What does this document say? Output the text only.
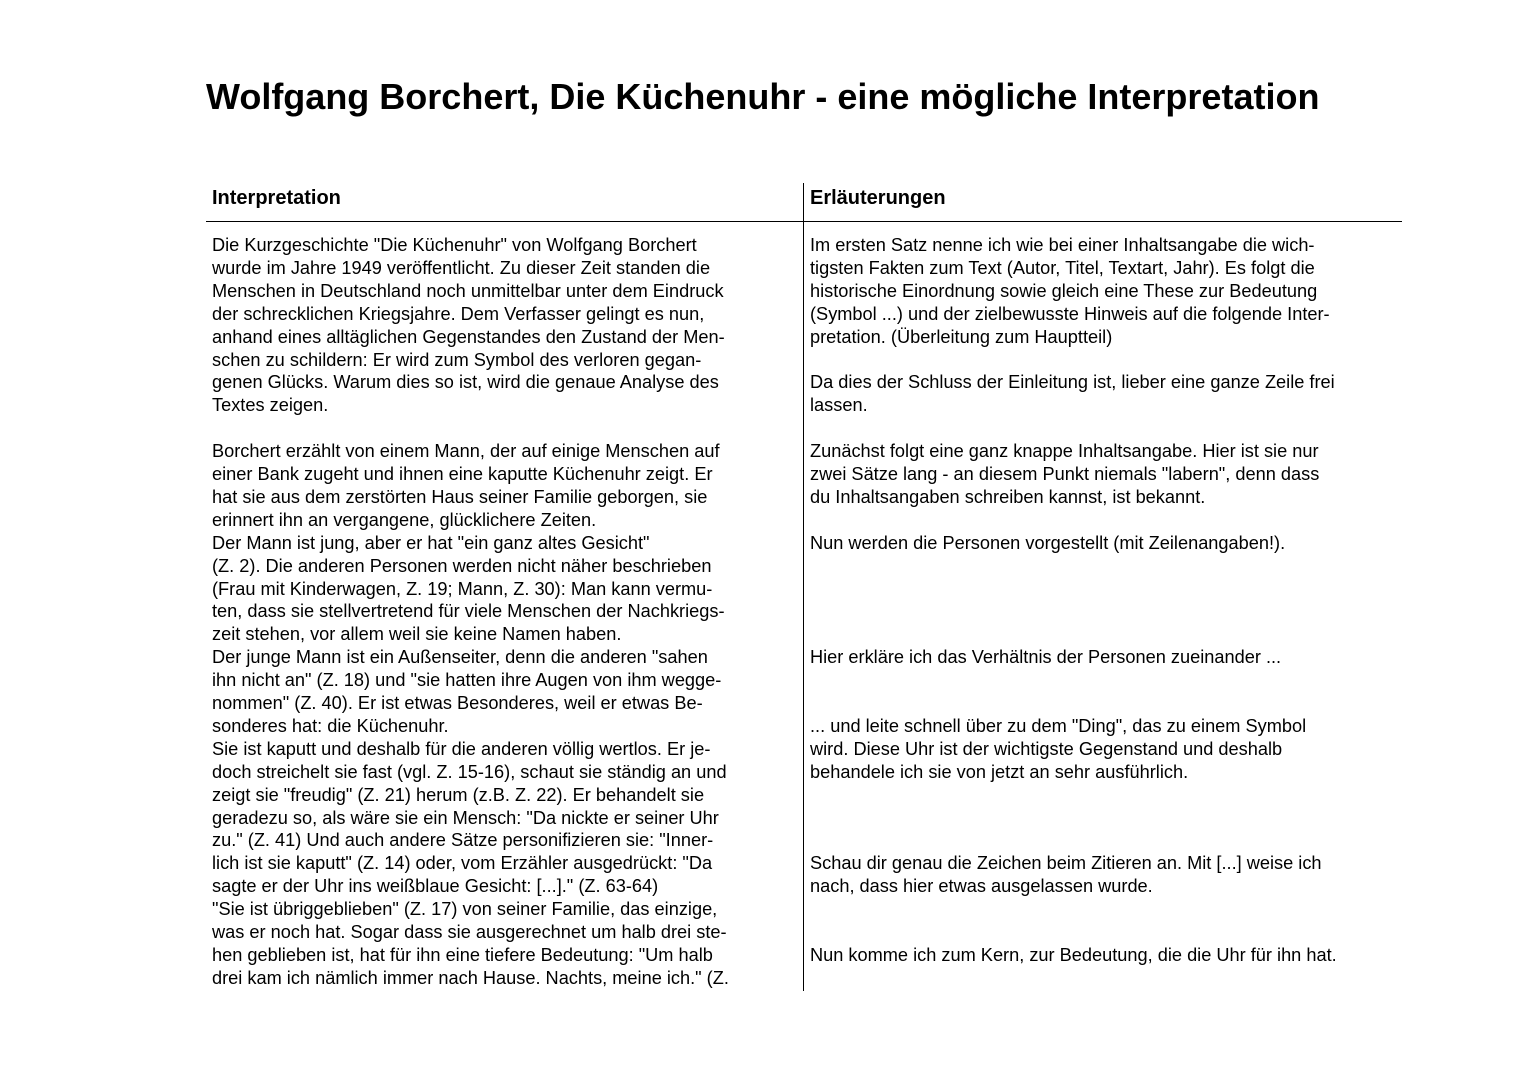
Wolfgang Borchert, Die Küchenuhr - eine mögliche Interpretation
Interpretation	Erläuterungen
Die Kurzgeschichte "Die Küchenuhr" von Wolfgang Borchert
wurde im Jahre 1949 veröffentlicht. Zu dieser Zeit standen die
Menschen in Deutschland noch unmittelbar unter dem Eindruck
der schrecklichen Kriegsjahre. Dem Verfasser gelingt es nun,
anhand eines alltäglichen Gegenstandes den Zustand der Men-
schen zu schildern: Er wird zum Symbol des verloren gegan-
genen Glücks. Warum dies so ist, wird die genaue Analyse des
Textes zeigen.
Borchert erzählt von einem Mann, der auf einige Menschen auf
einer Bank zugeht und ihnen eine kaputte Küchenuhr zeigt. Er
hat sie aus dem zerstörten Haus seiner Familie geborgen, sie
erinnert ihn an vergangene, glücklichere Zeiten.
Der Mann ist jung, aber er hat "ein ganz altes Gesicht"
(Z. 2). Die anderen Personen werden nicht näher beschrieben
(Frau mit Kinderwagen, Z. 19; Mann, Z. 30): Man kann vermu-
ten, dass sie stellvertretend für viele Menschen der Nachkriegs-
zeit stehen, vor allem weil sie keine Namen haben.
Der junge Mann ist ein Außenseiter, denn die anderen "sahen
ihn nicht an" (Z. 18) und "sie hatten ihre Augen von ihm wegge-
nommen" (Z. 40). Er ist etwas Besonderes, weil er etwas Be-
sonderes hat: die Küchenuhr.
Sie ist kaputt und deshalb für die anderen völlig wertlos. Er je-
doch streichelt sie fast (vgl. Z. 15-16), schaut sie ständig an und
zeigt sie "freudig" (Z. 21) herum (z.B. Z. 22). Er behandelt sie
geradezu so, als wäre sie ein Mensch: "Da nickte er seiner Uhr
zu." (Z. 41) Und auch andere Sätze personifizieren sie: "Inner-
lich ist sie kaputt" (Z. 14) oder, vom Erzähler ausgedrückt: "Da
sagte er der Uhr ins weißblaue Gesicht: [...]." (Z. 63-64)
"Sie ist übriggeblieben" (Z. 17) von seiner Familie, das einzige,
was er noch hat. Sogar dass sie ausgerechnet um halb drei ste-
hen geblieben ist, hat für ihn eine tiefere Bedeutung: "Um halb
drei kam ich nämlich immer nach Hause. Nachts, meine ich." (Z.
Im ersten Satz nenne ich wie bei einer Inhaltsangabe die wich-
tigsten Fakten zum Text (Autor, Titel, Textart, Jahr). Es folgt die
historische Einordnung sowie gleich eine These zur Bedeutung
(Symbol ...) und der zielbewusste Hinweis auf die folgende Inter-
pretation. (Überleitung zum Hauptteil)
Da dies der Schluss der Einleitung ist, lieber eine ganze Zeile frei
lassen.
Zunächst folgt eine ganz knappe Inhaltsangabe. Hier ist sie nur
zwei Sätze lang - an diesem Punkt niemals "labern", denn dass
du Inhaltsangaben schreiben kannst, ist bekannt.
Nun werden die Personen vorgestellt (mit Zeilenangaben!).
Hier erkläre ich das Verhältnis der Personen zueinander ...
... und leite schnell über zu dem "Ding", das zu einem Symbol
wird. Diese Uhr ist der wichtigste Gegenstand und deshalb
behandele ich sie von jetzt an sehr ausführlich.
Schau dir genau die Zeichen beim Zitieren an. Mit [...] weise ich
nach, dass hier etwas ausgelassen wurde.
Nun komme ich zum Kern, zur Bedeutung, die die Uhr für ihn hat.
